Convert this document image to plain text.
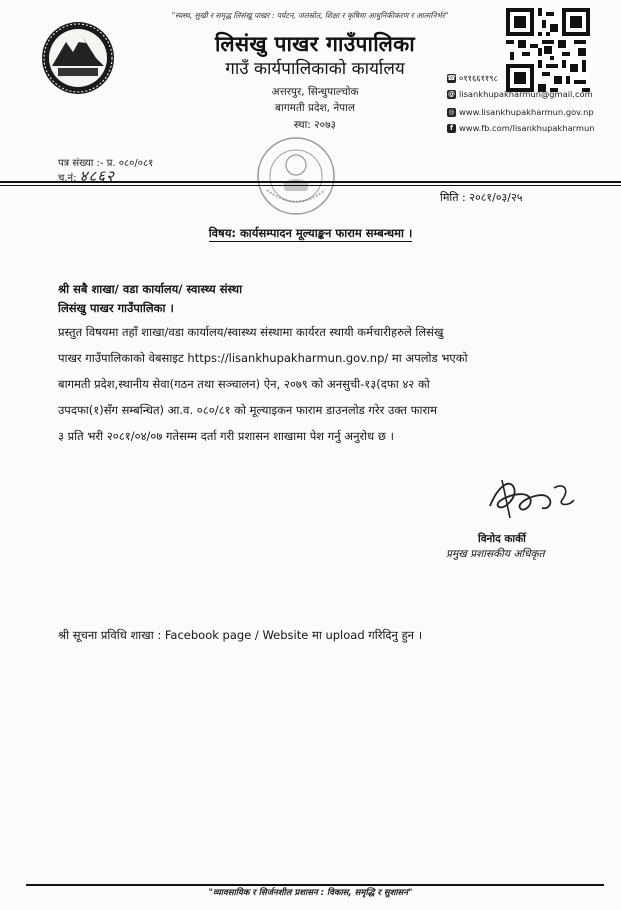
"स्वस्थ, सुखी र समृद्ध लिसंखु पाखर : पर्यटन, जलस्रोत, शिक्षा र कृषिमा आधुनिकीकरण र आत्मनिर्भर"
लिसंखु पाखर गाउँपालिका
गाउँ कार्यपालिकाको कार्यालय
अत्तरपुर, सिन्धुपाल्चोक
बागमती प्रदेश, नेपाल
स्था: २०७३
☎ ०११६६११९८
@ lisankhupakharmun@gmail.com
◎ www.lisankhupakharmun.gov.np
f www.fb.com/lisankhupakharmun
पत्र संख्या :- प्र. ०८०/०८१
च.नं: ४८६२
मिति : २०८१/०३/२५
विषय: कार्यसम्पादन मूल्याङ्कन फाराम सम्बन्धमा ।
श्री सबै शाखा/ वडा कार्यालय/ स्वास्थ्य संस्था
लिसंखु पाखर गाउँपालिका ।
प्रस्तुत विषयमा तहाँ शाखा/वडा कार्यालय/स्वास्थ्य संस्थामा कार्यरत स्थायी कर्मचारीहरुले लिसंखु
पाखर गाउँपालिकाको वेबसाइट https://lisankhupakharmun.gov.np/ मा अपलोड भएको
बागमती प्रदेश,स्थानीय सेवा(गठन तथा सञ्चालन) ऐन, २०७९ को अनसुची-१३(दफा ४२ को
उपदफा(१)सँग सम्बन्धित) आ.व. ०८०/८१ को मूल्याइकन फाराम डाउनलोड गरेर उक्त फाराम
३ प्रति भरी २०८१/०४/०७ गतेसम्म दर्ता गरी प्रशासन शाखामा पेश गर्नु अनुरोध छ ।
विनोद कार्की
प्रमुख प्रशासकीय अधिकृत
श्री सूचना प्रविधि शाखा : Facebook page / Website मा upload गरिदिनु हुन ।
"व्यावसायिक र सिर्जनशील प्रशासन : विकास, समृद्धि र सुशासन"
